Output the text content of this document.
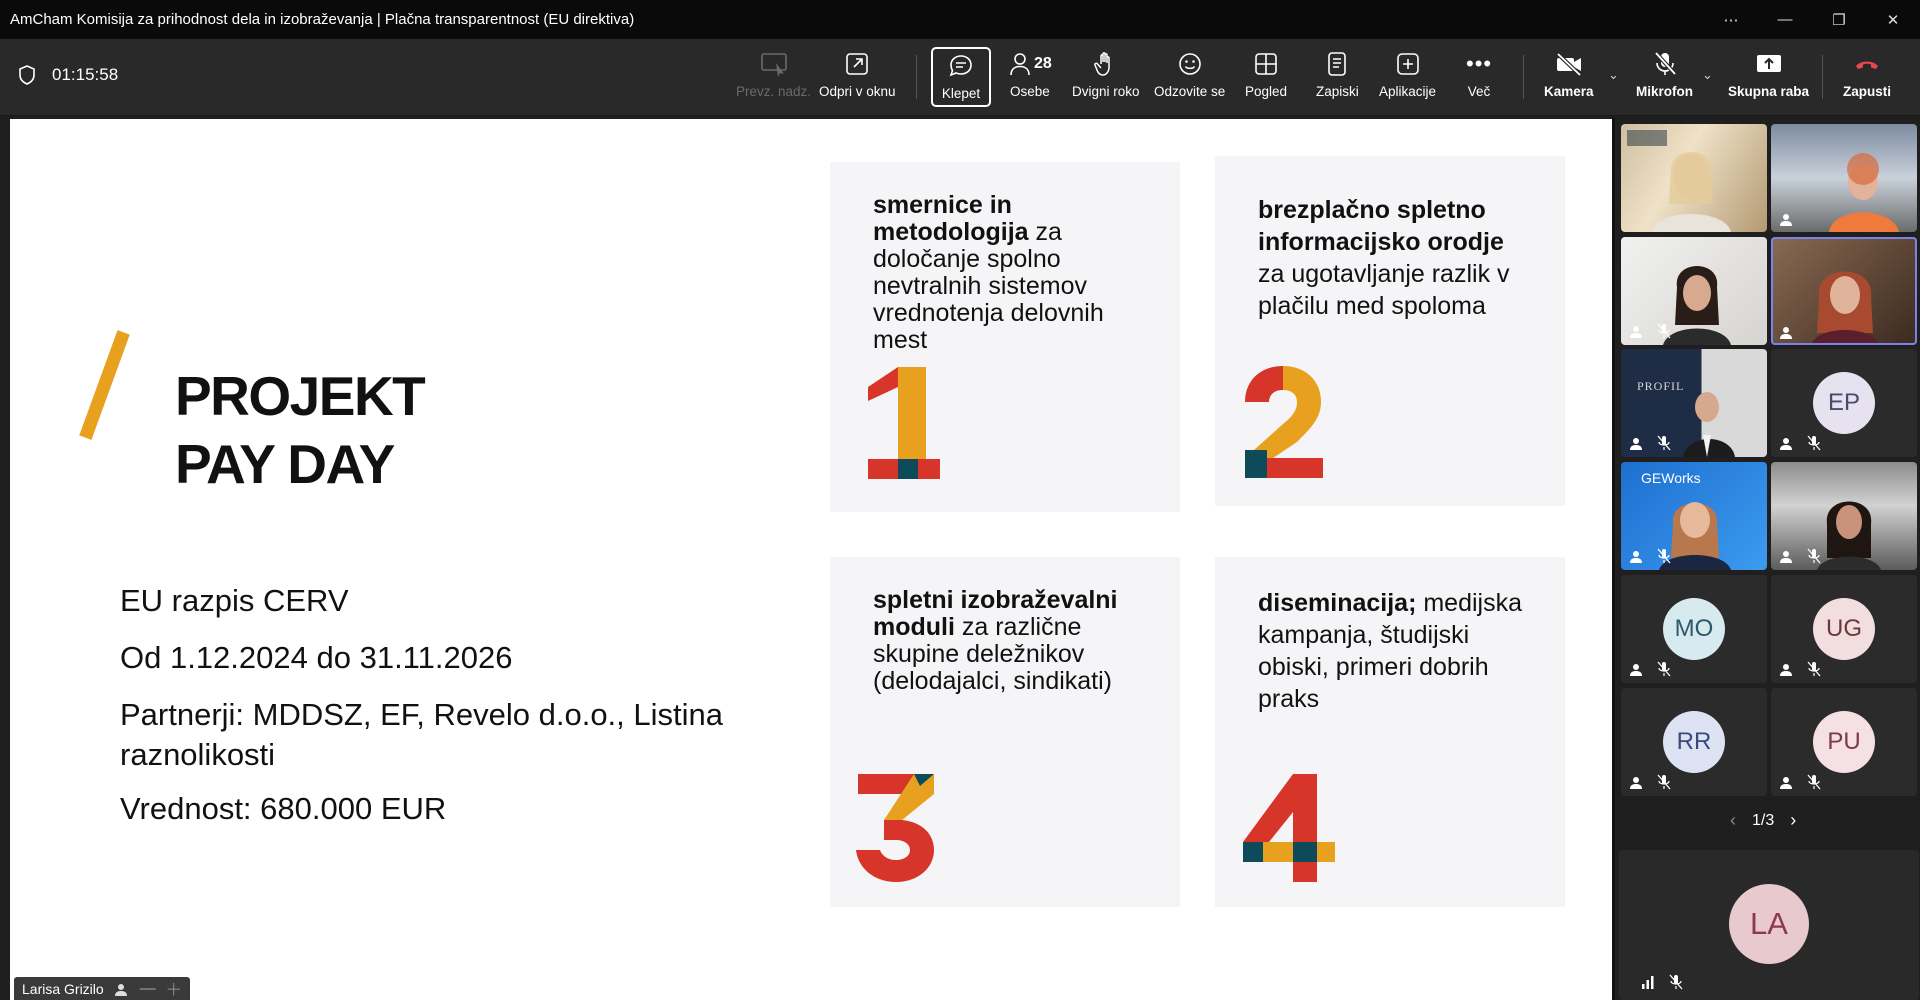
AmCham Komisija za prihodnost dela in izobraževanja | Plačna transparentnost (EU direktiva)	⋯	—	❐	✕
01:15:58
Prevz. nadz. Odpri v oknu	Klepet
28
Osebe Dvigni roko Odzovite se Pogled Zapiski Aplikacije
•••
Več	Kamera
⌄
Mikrofon
⌄
Skupna raba	Zapusti
PROJEKT
PAY DAY

EU razpis CERV

Od 1.12.2024 do 31.11.2026

Partnerji: MDDSZ, EF, Revelo d.o.o., Listina raznolikosti

Vrednost: 680.000 EUR

smernice in metodologija za določanje spolno nevtralnih sistemov vrednotenja delovnih mest
brezplačno spletno informacijsko orodje za ugotavljanje razlik v plačilu med spoloma
spletni izobraževalni moduli za različne skupine deležnikov (delodajalci, sindikati)
diseminacija; medijska kampanja, študijski obiski, primeri dobrih praks
Larisa Grizilo — ＋
PROFIL
EP
GEWorks
MO	UG
RR	PU
‹ 1/3 ›
LA
